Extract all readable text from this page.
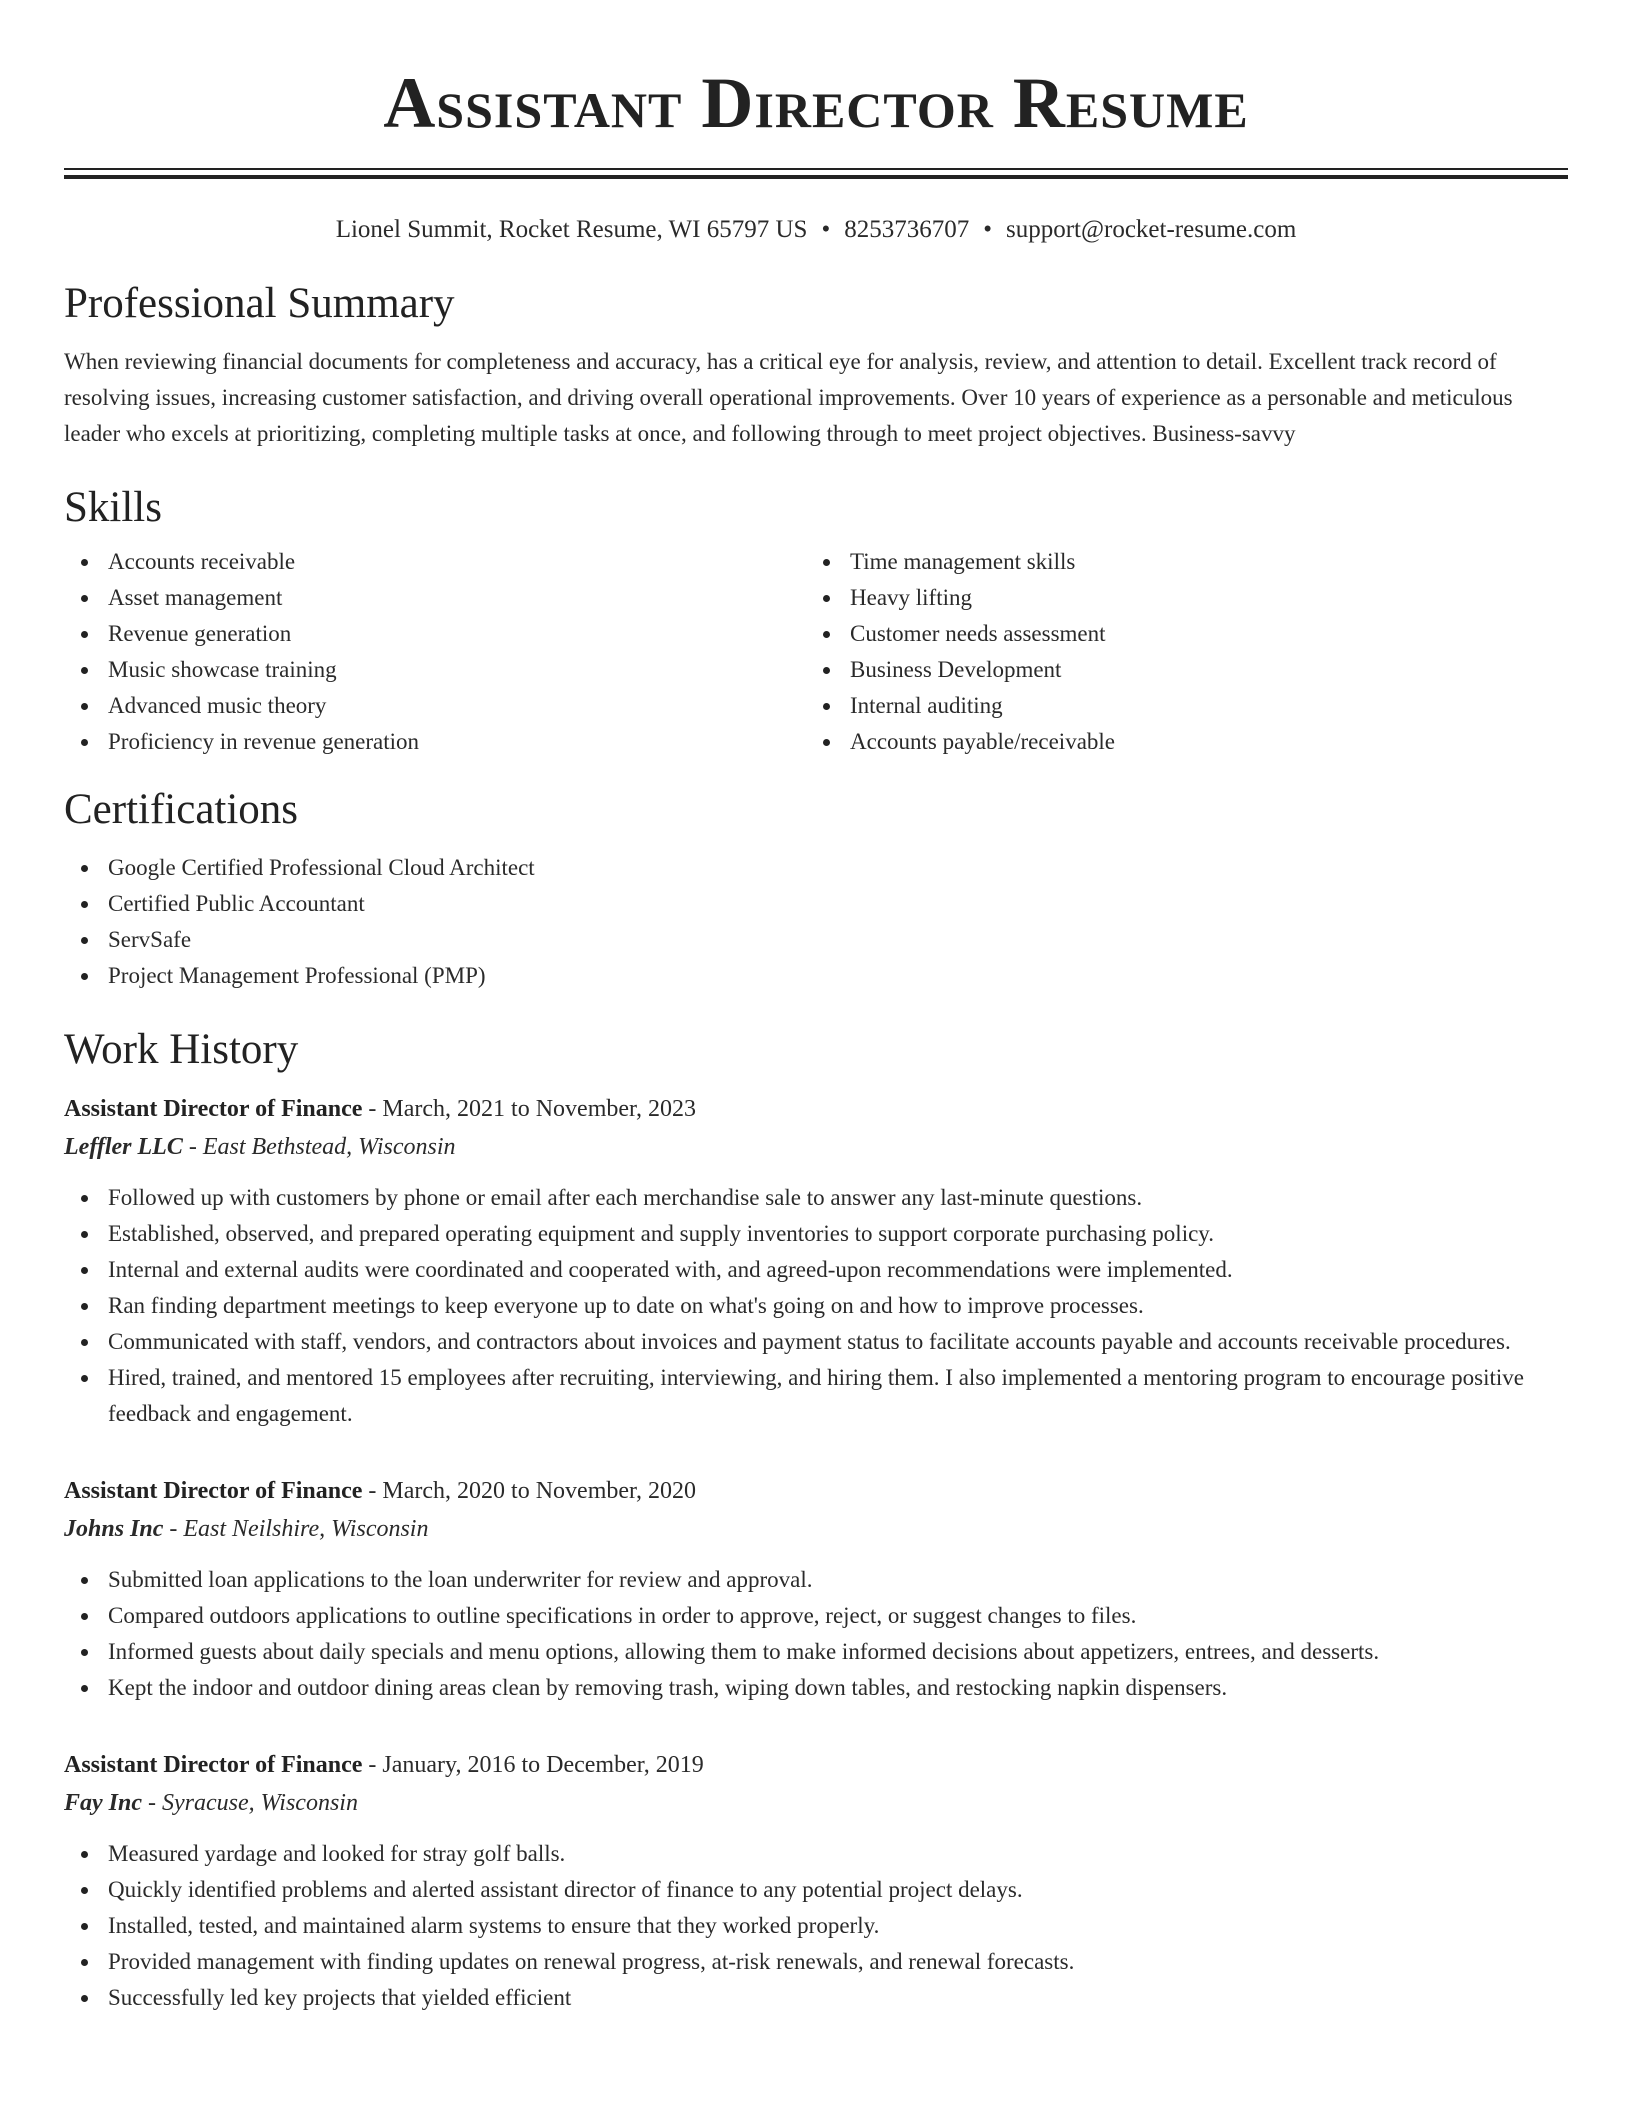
Assistant Director Resume
Lionel Summit, Rocket Resume, WI 65797 US • 8253736707 • support@rocket-resume.com
Professional Summary

When reviewing financial documents for completeness and accuracy, has a critical eye for analysis, review, and attention to detail. Excellent track record of resolving issues, increasing customer satisfaction, and driving overall operational improvements. Over 10 years of experience as a personable and meticulous leader who excels at prioritizing, completing multiple tasks at once, and following through to meet project objectives. Business-savvy

Skills
Accounts receivable
Asset management
Revenue generation
Music showcase training
Advanced music theory
Proficiency in revenue generation
Time management skills
Heavy lifting
Customer needs assessment
Business Development
Internal auditing
Accounts payable/receivable
Certifications
Google Certified Professional Cloud Architect
Certified Public Accountant
ServSafe
Project Management Professional (PMP)
Work History
Assistant Director of Finance - March, 2021 to November, 2023
Leffler LLC - East Bethstead, Wisconsin
Followed up with customers by phone or email after each merchandise sale to answer any last-minute questions.
Established, observed, and prepared operating equipment and supply inventories to support corporate purchasing policy.
Internal and external audits were coordinated and cooperated with, and agreed-upon recommendations were implemented.
Ran finding department meetings to keep everyone up to date on what's going on and how to improve processes.
Communicated with staff, vendors, and contractors about invoices and payment status to facilitate accounts payable and accounts receivable procedures.
Hired, trained, and mentored 15 employees after recruiting, interviewing, and hiring them. I also implemented a mentoring program to encourage positive feedback and engagement.
Assistant Director of Finance - March, 2020 to November, 2020
Johns Inc - East Neilshire, Wisconsin
Submitted loan applications to the loan underwriter for review and approval.
Compared outdoors applications to outline specifications in order to approve, reject, or suggest changes to files.
Informed guests about daily specials and menu options, allowing them to make informed decisions about appetizers, entrees, and desserts.
Kept the indoor and outdoor dining areas clean by removing trash, wiping down tables, and restocking napkin dispensers.
Assistant Director of Finance - January, 2016 to December, 2019
Fay Inc - Syracuse, Wisconsin
Measured yardage and looked for stray golf balls.
Quickly identified problems and alerted assistant director of finance to any potential project delays.
Installed, tested, and maintained alarm systems to ensure that they worked properly.
Provided management with finding updates on renewal progress, at-risk renewals, and renewal forecasts.
Successfully led key projects that yielded efficient
